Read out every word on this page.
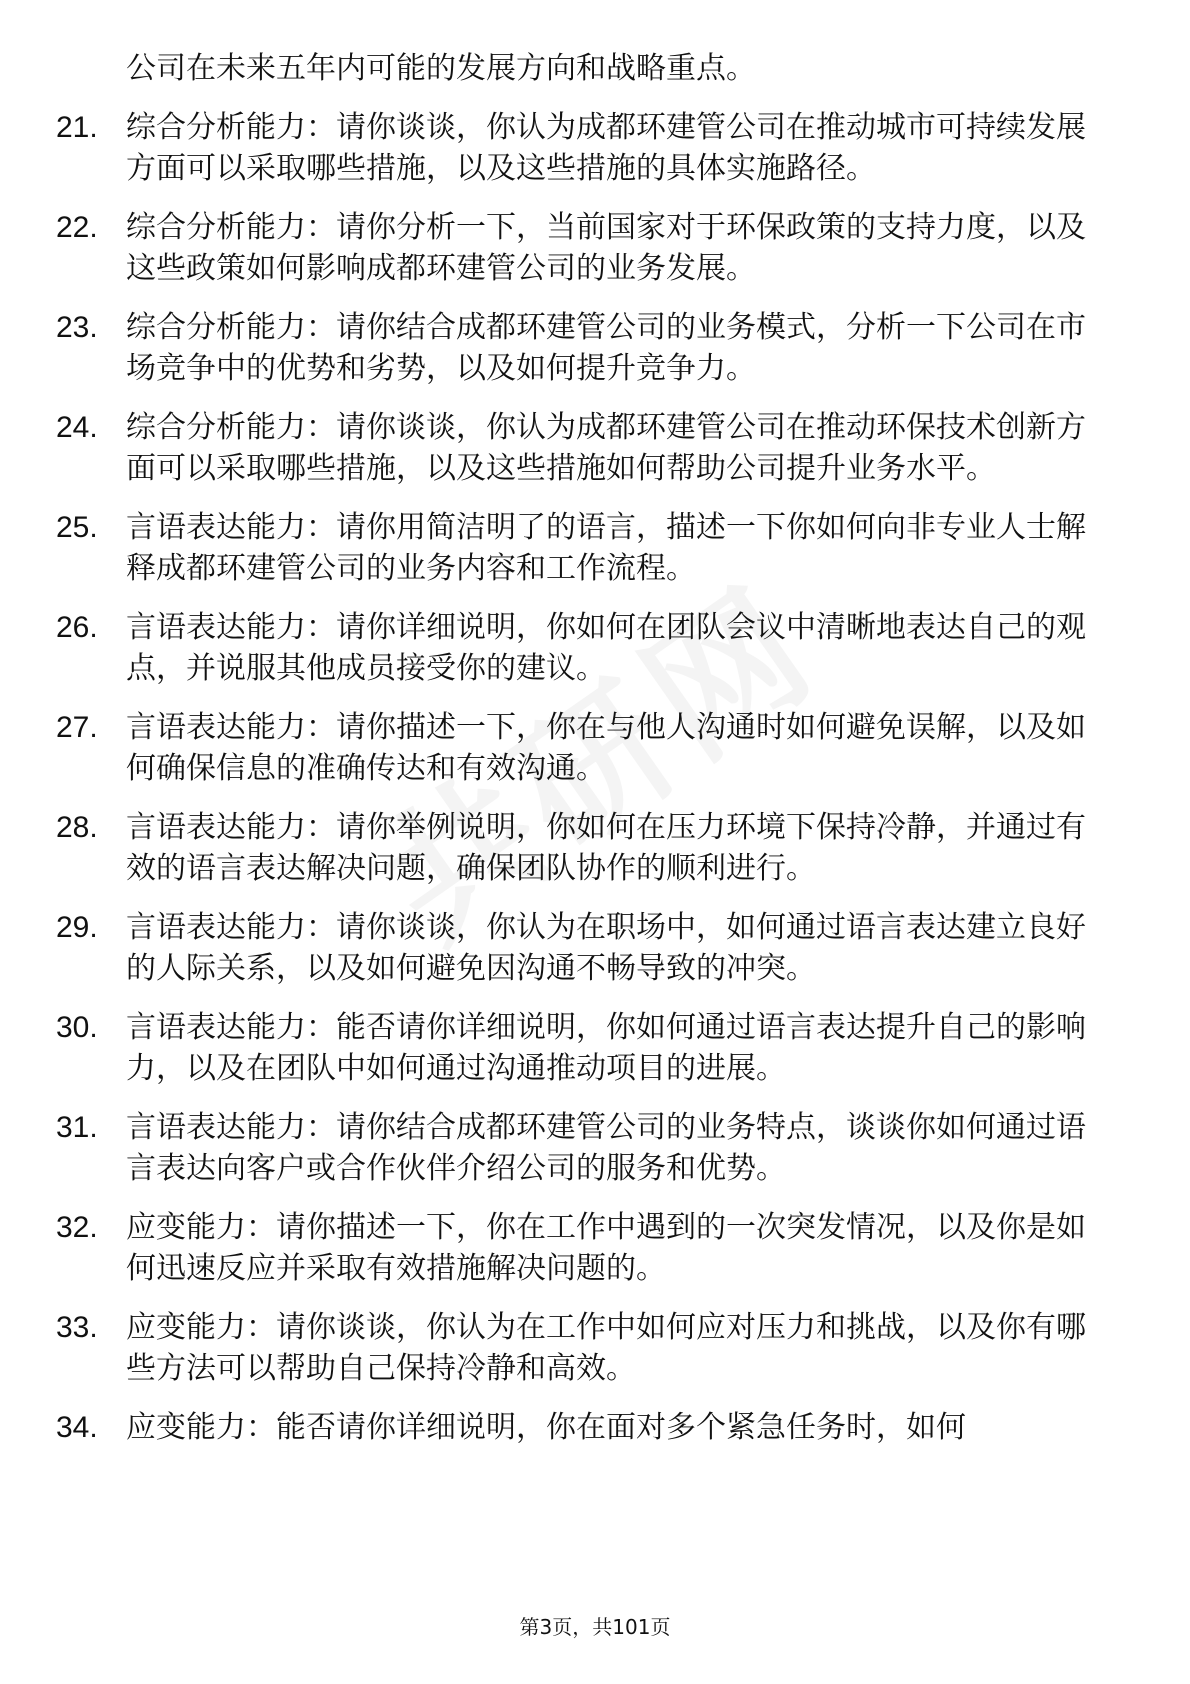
公司在未来五年内可能的发展方向和战略重点。
21. 综合分析能力：请你谈谈，你认为成都环建管公司在推动城市可持续发展方面可以采取哪些措施，以及这些措施的具体实施路径。
22. 综合分析能力：请你分析一下，当前国家对于环保政策的支持力度，以及这些政策如何影响成都环建管公司的业务发展。
23. 综合分析能力：请你结合成都环建管公司的业务模式，分析一下公司在市场竞争中的优势和劣势，以及如何提升竞争力。
24. 综合分析能力：请你谈谈，你认为成都环建管公司在推动环保技术创新方面可以采取哪些措施，以及这些措施如何帮助公司提升业务水平。
25. 言语表达能力：请你用简洁明了的语言，描述一下你如何向非专业人士解释成都环建管公司的业务内容和工作流程。
26. 言语表达能力：请你详细说明，你如何在团队会议中清晰地表达自己的观点，并说服其他成员接受你的建议。
27. 言语表达能力：请你描述一下，你在与他人沟通时如何避免误解，以及如何确保信息的准确传达和有效沟通。
28. 言语表达能力：请你举例说明，你如何在压力环境下保持冷静，并通过有效的语言表达解决问题，确保团队协作的顺利进行。
29. 言语表达能力：请你谈谈，你认为在职场中，如何通过语言表达建立良好的人际关系，以及如何避免因沟通不畅导致的冲突。
30. 言语表达能力：能否请你详细说明，你如何通过语言表达提升自己的影响力，以及在团队中如何通过沟通推动项目的进展。
31. 言语表达能力：请你结合成都环建管公司的业务特点，谈谈你如何通过语言表达向客户或合作伙伴介绍公司的服务和优势。
32. 应变能力：请你描述一下，你在工作中遇到的一次突发情况，以及你是如何迅速反应并采取有效措施解决问题的。
33. 应变能力：请你谈谈，你认为在工作中如何应对压力和挑战，以及你有哪些方法可以帮助自己保持冷静和高效。
34. 应变能力：能否请你详细说明，你在面对多个紧急任务时，如何
第3页，共101页
